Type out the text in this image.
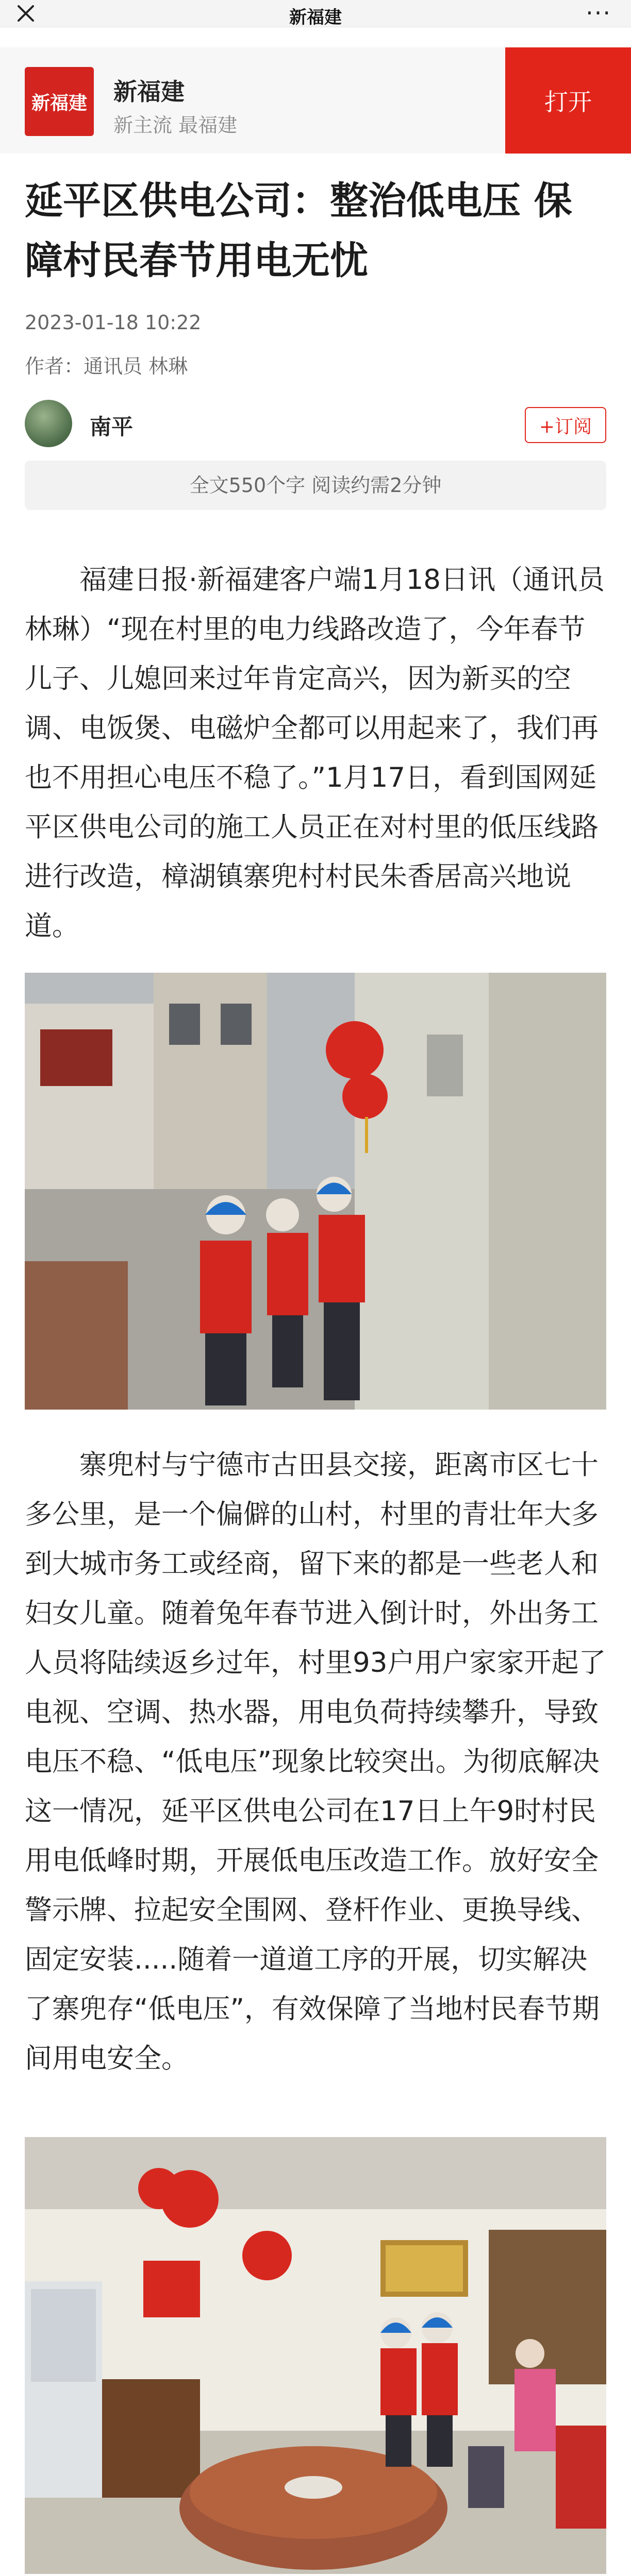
新福建	···
新福建 新福建
新主流 最福建
打开
延平区供电公司：整治低电压 保障村民春节用电无忧
2023-01-18 10:22
作者：通讯员 林琳
南平	+订阅
全文550个字 阅读约需2分钟

福建日报·新福建客户端1月18日讯（通讯员 林琳）“现在村里的电力线路改造了，今年春节儿子、儿媳回来过年肯定高兴，因为新买的空调、电饭煲、电磁炉全都可以用起来了，我们再也不用担心电压不稳了。”1月17日，看到国网延平区供电公司的施工人员正在对村里的低压线路进行改造，樟湖镇寨兜村村民朱香居高兴地说道。

寨兜村与宁德市古田县交接，距离市区七十多公里，是一个偏僻的山村，村里的青壮年大多到大城市务工或经商，留下来的都是一些老人和妇女儿童。随着兔年春节进入倒计时，外出务工人员将陆续返乡过年，村里93户用户家家开起了电视、空调、热水器，用电负荷持续攀升，导致电压不稳、“低电压”现象比较突出。为彻底解决这一情况，延平区供电公司在17日上午9时村民用电低峰时期，开展低电压改造工作。放好安全警示牌、拉起安全围网、登杆作业、更换导线、固定安装.....随着一道道工序的开展，切实解决了寨兜存“低电压”，有效保障了当地村民春节期间用电安全。
